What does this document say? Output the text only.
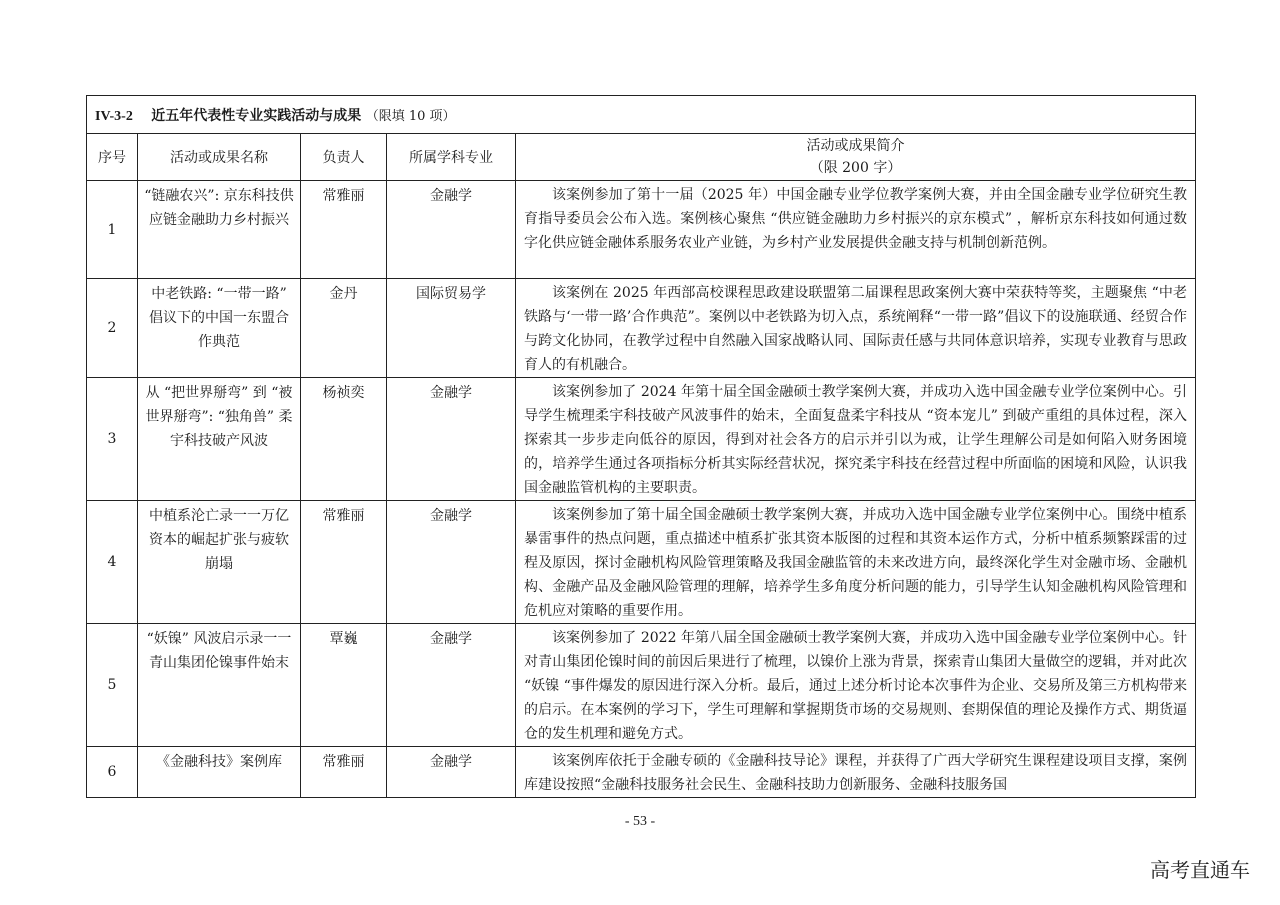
IV-3-2 近五年代表性专业实践活动与成果 （限填 10 项）				
序号	活动或成果名称	负责人	所属学科专业	活动或成果简介
（限 200 字）

1	“链融农兴”: 京东科技供应链金融助力乡村振兴	常雅丽	金融学	该案例参加了第十一届（2025 年）中国金融专业学位教学案例大赛，并由全国金融专业学位研究生教育指导委员会公布入选。案例核心聚焦 “供应链金融助力乡村振兴的京东模式” ，解析京东科技如何通过数字化供应链金融体系服务农业产业链，为乡村产业发展提供金融支持与机制创新范例。
2	中老铁路: “一带一路” 倡议下的中国一东盟合作典范	金丹	国际贸易学	该案例在 2025 年西部高校课程思政建设联盟第二届课程思政案例大赛中荣获特等奖，主题聚焦 “中老铁路与‘一带一路’合作典范”。案例以中老铁路为切入点，系统阐释“一带一路”倡议下的设施联通、经贸合作与跨文化协同，在教学过程中自然融入国家战略认同、国际责任感与共同体意识培养，实现专业教育与思政育人的有机融合。
3	从 “把世界掰弯” 到 “被世界掰弯”: “独角兽” 柔宇科技破产风波	杨祯奕	金融学	该案例参加了 2024 年第十届全国金融硕士教学案例大赛，并成功入选中国金融专业学位案例中心。引导学生梳理柔宇科技破产风波事件的始末，全面复盘柔宇科技从 “资本宠儿” 到破产重组的具体过程，深入探索其一步步走向低谷的原因，得到对社会各方的启示并引以为戒，让学生理解公司是如何陷入财务困境的，培养学生通过各项指标分析其实际经营状况，探究柔宇科技在经营过程中所面临的困境和风险，认识我国金融监管机构的主要职责。
4	中植系沦亡录一一万亿资本的崛起扩张与疲软崩塌	常雅丽	金融学	该案例参加了第十届全国金融硕士教学案例大赛，并成功入选中国金融专业学位案例中心。围绕中植系暴雷事件的热点问题，重点描述中植系扩张其资本版图的过程和其资本运作方式，分析中植系频繁踩雷的过程及原因，探讨金融机构风险管理策略及我国金融监管的未来改进方向，最终深化学生对金融市场、金融机构、金融产品及金融风险管理的理解，培养学生多角度分析问题的能力，引导学生认知金融机构风险管理和危机应对策略的重要作用。
5	“妖镍” 风波启示录一一青山集团伦镍事件始末	覃巍	金融学	该案例参加了 2022 年第八届全国金融硕士教学案例大赛，并成功入选中国金融专业学位案例中心。针对青山集团伦镍时间的前因后果进行了梳理，以镍价上涨为背景，探索青山集团大量做空的逻辑，并对此次 “妖镍 “事件爆发的原因进行深入分析。最后，通过上述分析讨论本次事件为企业、交易所及第三方机构带来的启示。在本案例的学习下，学生可理解和掌握期货市场的交易规则、套期保值的理论及操作方式、期货逼仓的发生机理和避免方式。
6	《金融科技》案例库	常雅丽	金融学	该案例库依托于金融专硕的《金融科技导论》课程，并获得了广西大学研究生课程建设项目支撑，案例库建设按照“金融科技服务社会民生、金融科技助力创新服务、金融科技服务国
- 53 -
高考直通车
